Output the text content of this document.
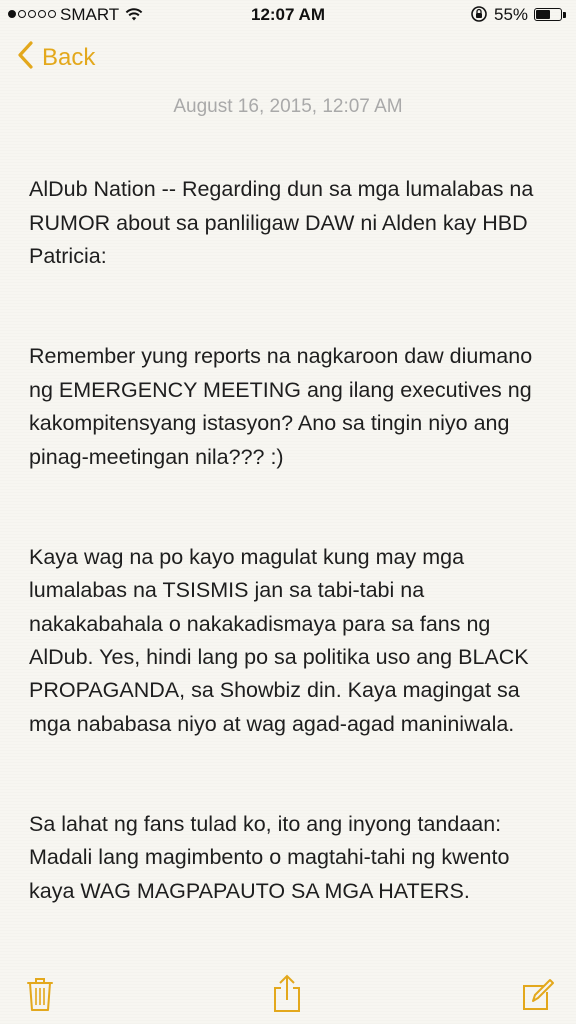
SMART	12:07 AM	55%
Back
August 16, 2015, 12:07 AM

AlDub Nation -- Regarding dun sa mga lumalabas na RUMOR about sa panliligaw DAW ni Alden kay HBD Patricia:

Remember yung reports na nagkaroon daw diumano ng EMERGENCY MEETING ang ilang executives ng kakompitensyang istasyon? Ano sa tingin niyo ang pinag-meetingan nila??? :)

Kaya wag na po kayo magulat kung may mga lumalabas na TSISMIS jan sa tabi-tabi na nakakabahala o nakakadismaya para sa fans ng AlDub. Yes, hindi lang po sa politika uso ang BLACK PROPAGANDA, sa Showbiz din. Kaya magingat sa mga nababasa niyo at wag agad-agad maniniwala.

Sa lahat ng fans tulad ko, ito ang inyong tandaan: Madali lang magimbento o magtahi-tahi ng kwento kaya WAG MAGPAPAUTO SA MGA HATERS.
